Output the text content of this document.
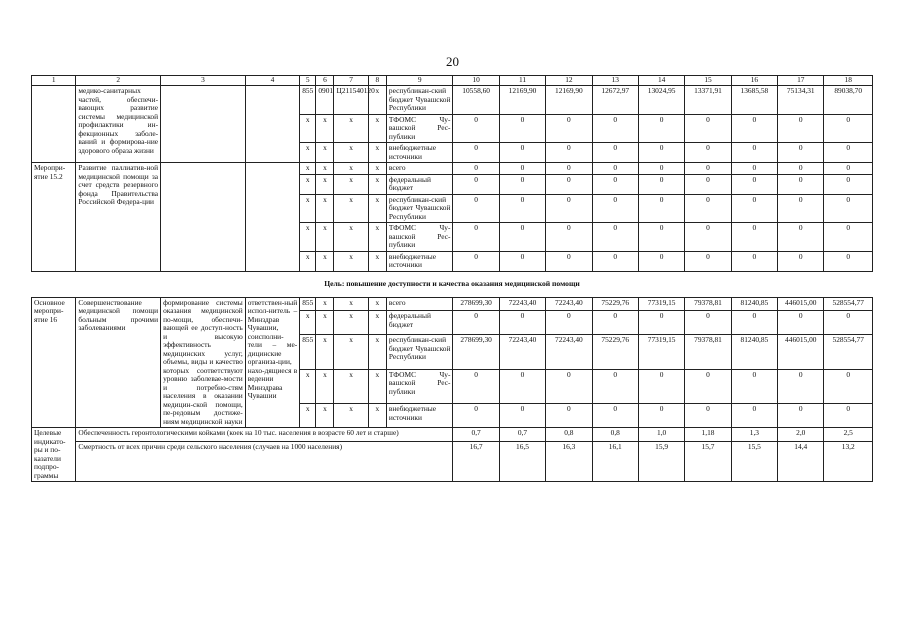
20
1	2	3	4	5	6	7	8	9	10	11	12	13	14	15	16	17	18
	медико-санитарных частей, обеспечи-вающих развитие системы медицинской профилактики ин-фекционных заболе-ваний и формирова-ние здорового образа жизни			855	0901	Ц211540120	х	республикан-ский бюджет Чувашской Республики	10558,60	12169,90	12169,90	12672,97	13024,95	13371,91	13685,58	75134,31	89038,70
				х	х	х	х	ТФОМС Чу-вашской Рес-публики	0	0	0	0	0	0	0	0	0
				х	х	х	х	внебюджетные источники	0	0	0	0	0	0	0	0	0
Меропри-ятие 15.2	Развитие паллиатив-ной медицинской помощи за счет средств резервного фонда Правительства Российской Федера-ции			х	х	х	х	всего	0	0	0	0	0	0	0	0	0
				х	х	х	х	федеральный бюджет	0	0	0	0	0	0	0	0	0
				х	х	х	х	республикан-ский бюджет Чувашской Республики	0	0	0	0	0	0	0	0	0
				х	х	х	х	ТФОМС Чу-вашской Рес-публики	0	0	0	0	0	0	0	0	0
				х	х	х	х	внебюджетные источники	0	0	0	0	0	0	0	0	0
Цель: повышение доступности и качества оказания медицинской помощи																	
Основное меропри-ятие 16	Совершенствование медицинской помощи больным прочими заболеваниями	формирование системы оказания медицинской по-мощи, обеспечи-вающей ее доступ-ность и высокую эффективность медицинских услуг, объемы, виды и качество которых соответствуют уровню заболевае-мости и потребно-стям населения в оказании медицин-ской помощи, пе-редовым достиже-ниям медицинской науки	ответствен-ный испол-нитель – Минздрав Чувашии, соисполни-тели – ме-дицинские организа-ции, нахо-дящиеся в ведении Минздрава Чувашии	855	х	х	х	всего	278699,30	72243,40	72243,40	75229,76	77319,15	79378,81	81240,85	446015,00	528554,77
				х	х	х	х	федеральный бюджет	0	0	0	0	0	0	0	0	0
				855	х	х	х	республикан-ский бюджет Чувашской Республики	278699,30	72243,40	72243,40	75229,76	77319,15	79378,81	81240,85	446015,00	528554,77
				х	х	х	х	ТФОМС Чу-вашской Рес-публики	0	0	0	0	0	0	0	0	0
				х	х	х	х	внебюджетные источники	0	0	0	0	0	0	0	0	0
Целевые индикато-ры и по-казатели подпро-граммы	Обеспеченность геронтологическими койками (коек на 10 тыс. населения в возрасте 60 лет и старше)								0,7	0,7	0,8	0,8	1,0	1,18	1,3	2,0	2,5
	Смертность от всех причин среди сельского населения (случаев на 1000 населения)								16,7	16,5	16,3	16,1	15,9	15,7	15,5	14,4	13,2
